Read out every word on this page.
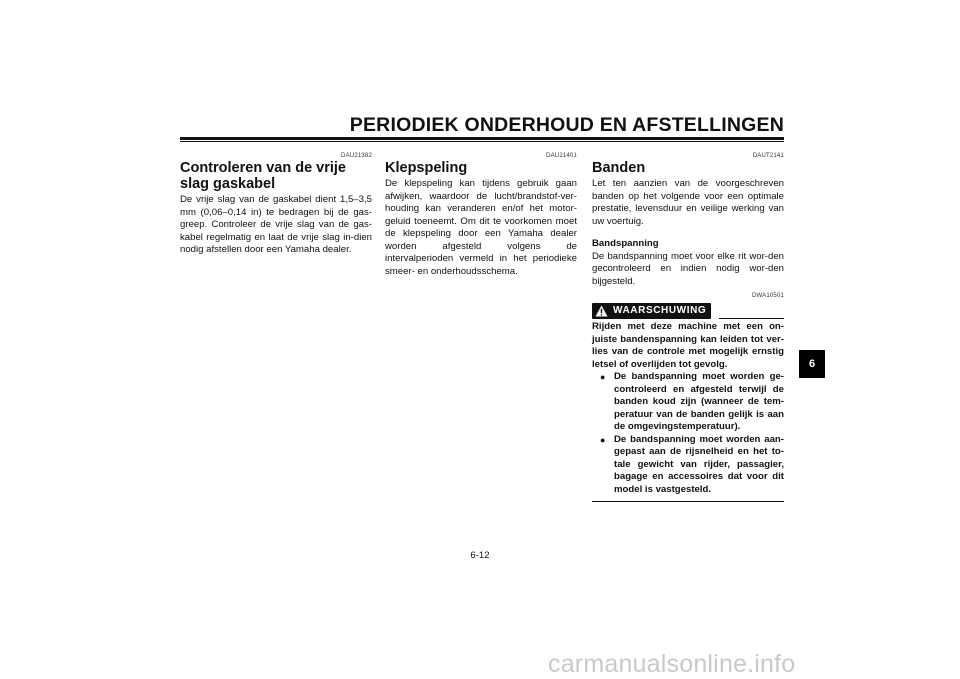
PERIODIEK ONDERHOUD EN AFSTELLINGEN
DAU21382
Controleren van de vrije slag gaskabel

De vrije slag van de gaskabel dient 1,5–3,5 mm (0,06–0,14 in) te bedragen bij de gas-greep. Controleer de vrije slag van de gas-kabel regelmatig en laat de vrije slag in-dien nodig afstellen door een Yamaha dealer.

DAU21401
Klepspeling

De klepspeling kan tijdens gebruik gaan afwijken, waardoor de lucht/brandstof-ver-houding kan veranderen en/of het motor-geluid toeneemt. Om dit te voorkomen moet de klepspeling door een Yamaha dealer worden afgesteld volgens de intervalperioden vermeld in het periodieke smeer- en onderhoudsschema.

DAUT2141
Banden

Let ten aanzien van de voorgeschreven banden op het volgende voor een optimale prestatie, levensduur en veilige werking van uw voertuig.

Bandspanning

De bandspanning moet voor elke rit wor-den gecontroleerd en indien nodig wor-den bijgesteld.

DWA10501
WAARSCHUWING
Rijden met deze machine met een on-juiste bandenspanning kan leiden tot ver-lies van de controle met mogelijk ernstig letsel of overlijden tot gevolg.
● De bandspanning moet worden ge-controleerd en afgesteld terwijl de banden koud zijn (wanneer de tem-peratuur van de banden gelijk is aan de omgevingstemperatuur).
● De bandspanning moet worden aan-gepast aan de rijsnelheid en het to-tale gewicht van rijder, passagier, bagage en accessoires dat voor dit model is vastgesteld.
6
6-12
carmanualsonline.info
